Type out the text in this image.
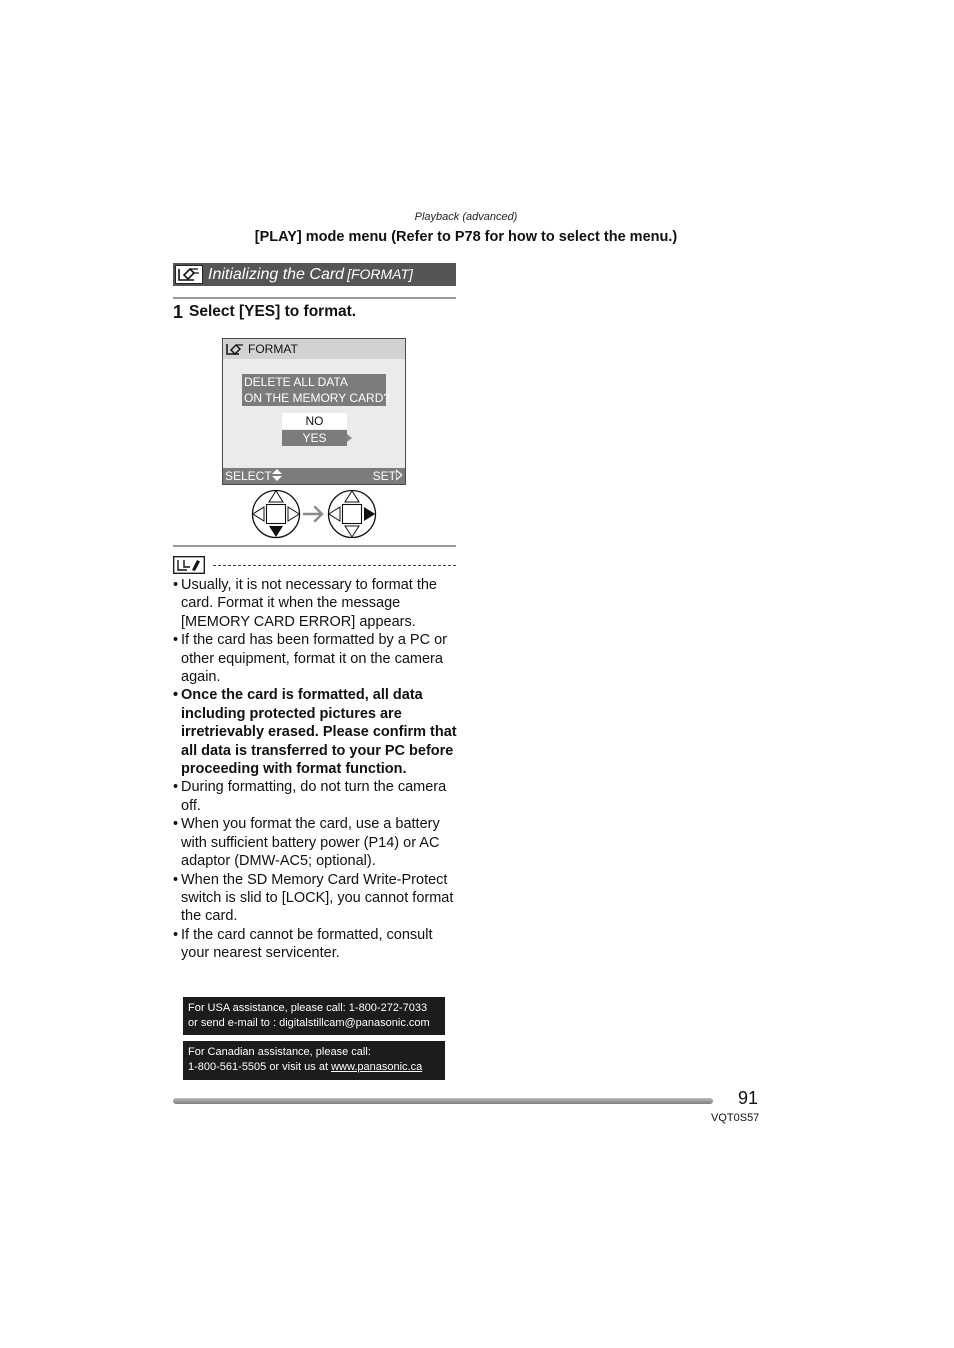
Playback (advanced)
[PLAY] mode menu (Refer to P78 for how to select the menu.)
Initializing the Card [FORMAT]
1 Select [YES] to format.
FORMAT
DELETE ALL DATA
ON THE MEMORY CARD?
NO
YES
SELECT	SET
• Usually, it is not necessary to format the card. Format it when the message [MEMORY CARD ERROR] appears.
• If the card has been formatted by a PC or other equipment, format it on the camera again.
• Once the card is formatted, all data including protected pictures are irretrievably erased. Please confirm that all data is transferred to your PC before proceeding with format function.
• During formatting, do not turn the camera off.
• When you format the card, use a battery with sufficient battery power (P14) or AC adaptor (DMW-AC5; optional).
• When the SD Memory Card Write-Protect switch is slid to [LOCK], you cannot format the card.
• If the card cannot be formatted, consult your nearest servicenter.
For USA assistance, please call: 1-800-272-7033
or send e-mail to : digitalstillcam@panasonic.com
For Canadian assistance, please call:
1-800-561-5505 or visit us at www.panasonic.ca
91
VQT0S57
